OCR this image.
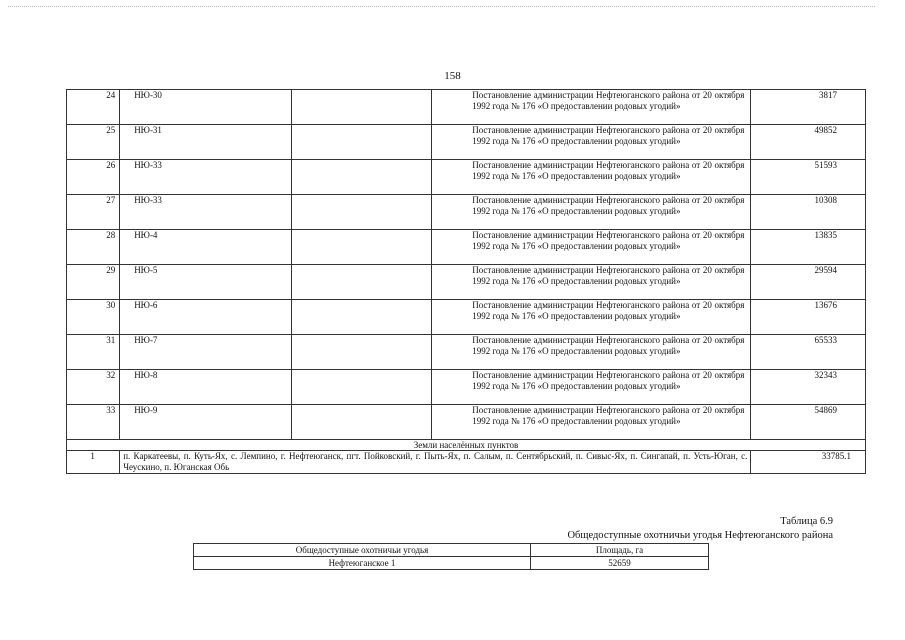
158
24	НЮ-30		Постановление администрации Нефтеюганского района от 20 октября 1992 года № 176 «О предоставлении родовых угодий»	3817
25	НЮ-31		Постановление администрации Нефтеюганского района от 20 октября 1992 года № 176 «О предоставлении родовых угодий»	49852
26	НЮ-33		Постановление администрации Нефтеюганского района от 20 октября 1992 года № 176 «О предоставлении родовых угодий»	51593
27	НЮ-33		Постановление администрации Нефтеюганского района от 20 октября 1992 года № 176 «О предоставлении родовых угодий»	10308
28	НЮ-4		Постановление администрации Нефтеюганского района от 20 октября 1992 года № 176 «О предоставлении родовых угодий»	13835
29	НЮ-5		Постановление администрации Нефтеюганского района от 20 октября 1992 года № 176 «О предоставлении родовых угодий»	29594
30	НЮ-6		Постановление администрации Нефтеюганского района от 20 октября 1992 года № 176 «О предоставлении родовых угодий»	13676
31	НЮ-7		Постановление администрации Нефтеюганского района от 20 октября 1992 года № 176 «О предоставлении родовых угодий»	65533
32	НЮ-8		Постановление администрации Нефтеюганского района от 20 октября 1992 года № 176 «О предоставлении родовых угодий»	32343
33	НЮ-9		Постановление администрации Нефтеюганского района от 20 октября 1992 года № 176 «О предоставлении родовых угодий»	54869
Земли населённых пунктов				
1	п. Каркатеевы, п. Куть-Ях, с. Лемпино, г. Нефтеюганск, пгт. Пойковский, г. Пыть-Ях, п. Салым, п. Сентябрьский, п. Сивыс-Ях, п. Сингапай, п. Усть-Юган, с. Чеускино, п. Юганская Обь			33785.1
Таблица 6.9
Общедоступные охотничьи угодья Нефтеюганского района
Общедоступные охотничьи угодья	Площадь, га
Нефтеюганское 1	52659
